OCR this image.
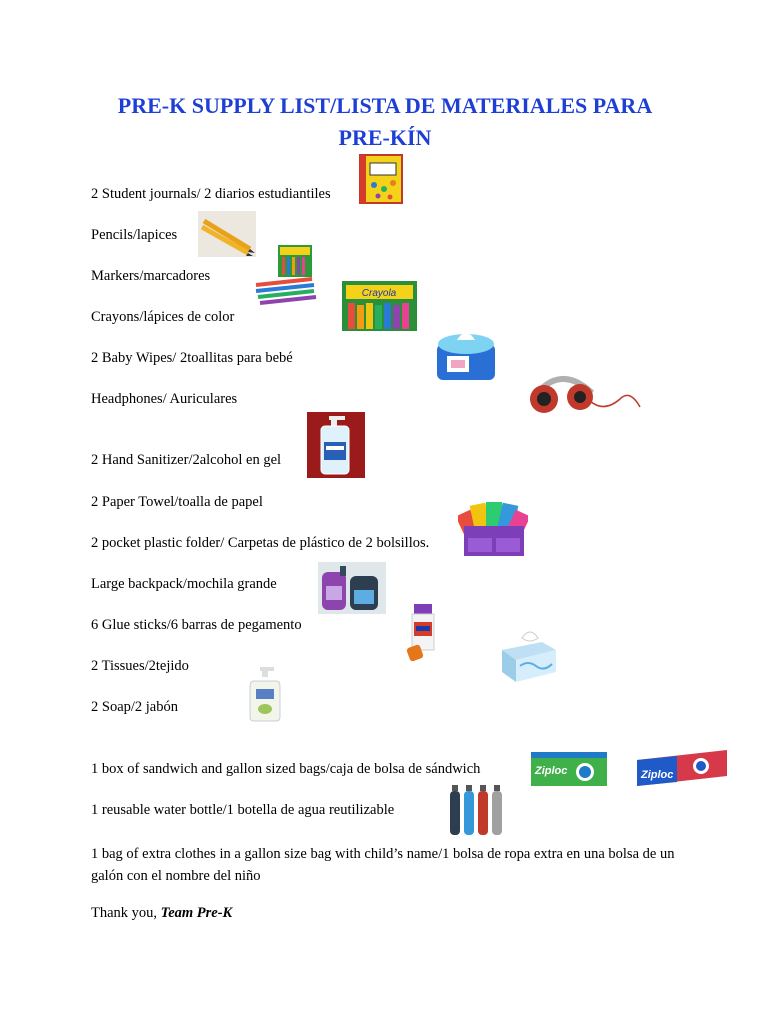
PRE-K SUPPLY LIST/LISTA DE MATERIALES PARA
PRE-KÍN
2 Student journals/ 2 diarios estudiantiles
Pencils/lapices
Markers/marcadores
Crayons/lápices de color
2 Baby Wipes/ 2toallitas para bebé
Headphones/ Auriculares
2 Hand Sanitizer/2alcohol en gel
2 Paper Towel/toalla de papel
2 pocket plastic folder/ Carpetas de plástico de 2 bolsillos.
Large backpack/mochila grande
6 Glue sticks/6 barras de pegamento
2 Tissues/2tejido
2 Soap/2 jabón
1 box of sandwich and gallon sized bags/caja de bolsa de sándwich
1 reusable water bottle/1 botella de agua reutilizable
1 bag of extra clothes in a gallon size bag with child’s name/1 bolsa de ropa extra en una bolsa de un galón con el nombre del niño
Thank you, Team Pre-K
Crayola
Ziploc	Ziploc
